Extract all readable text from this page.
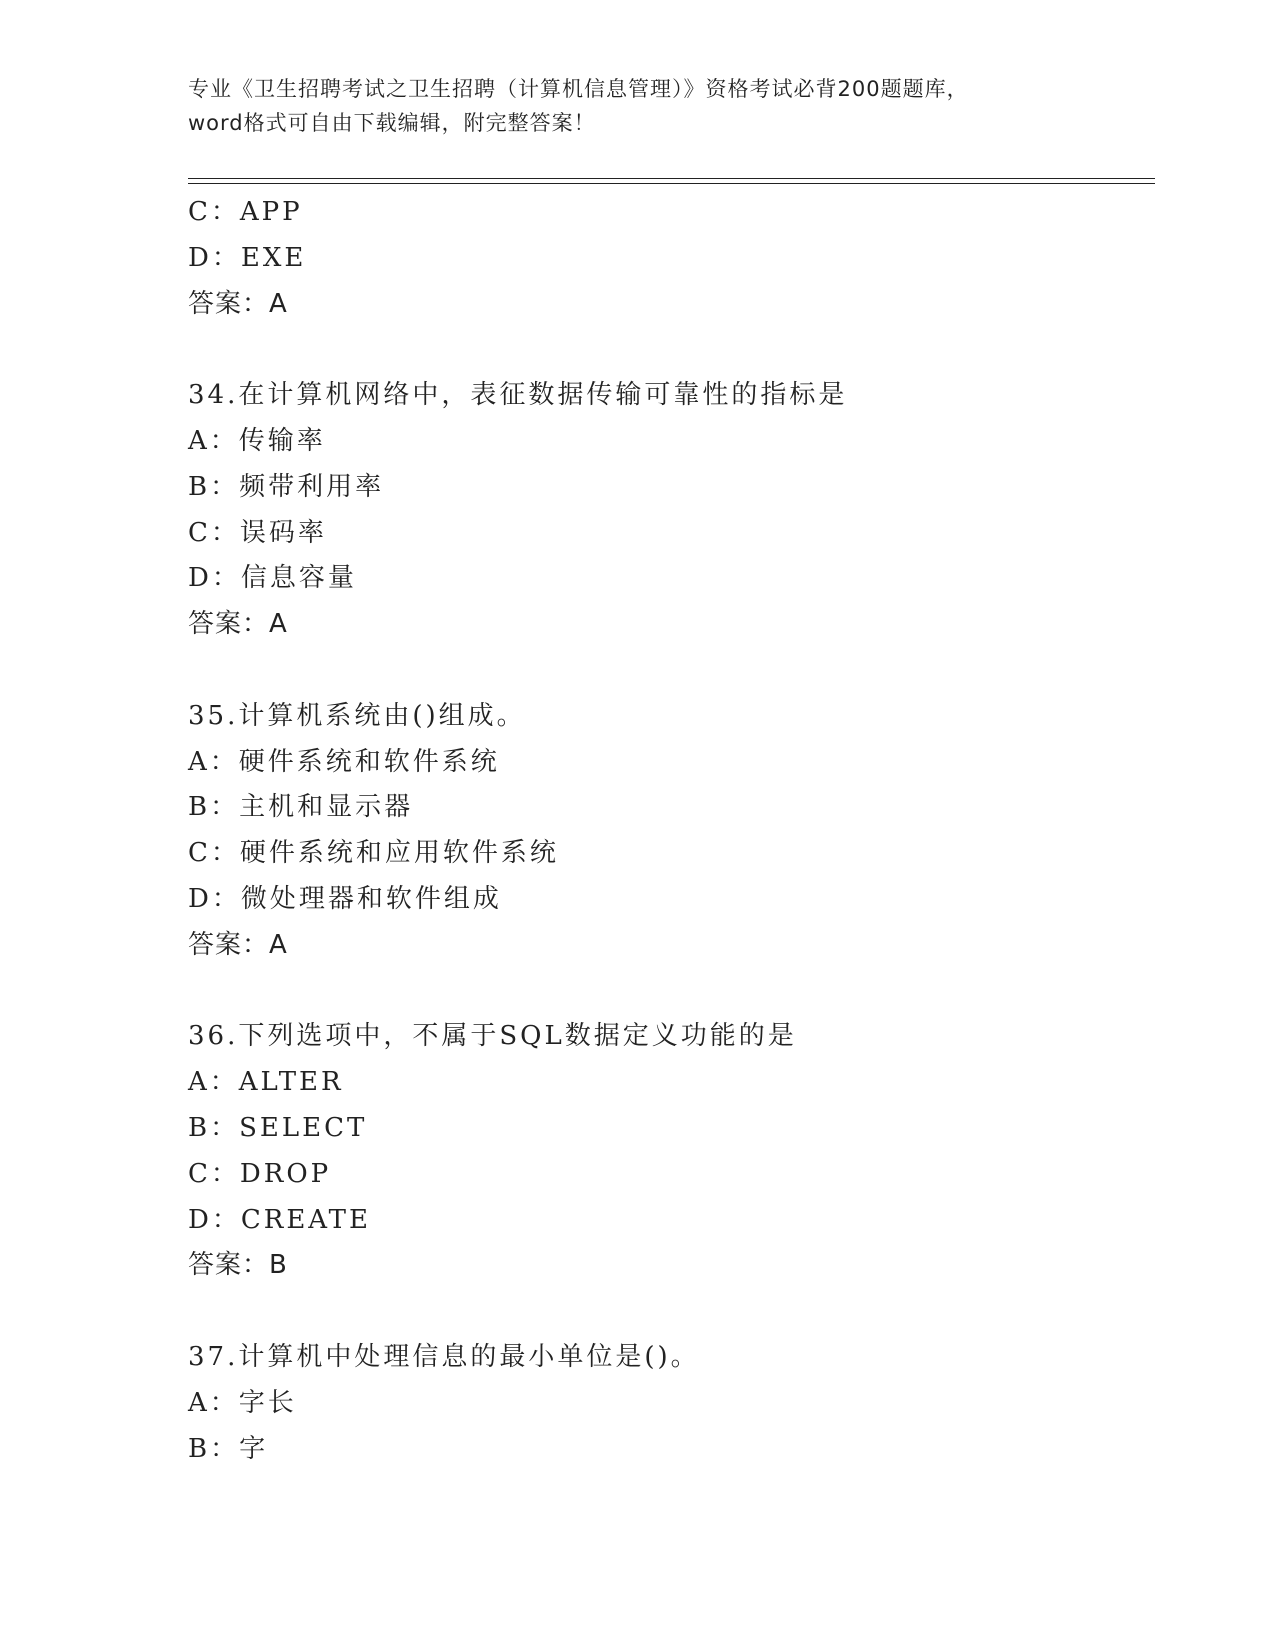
专业《卫生招聘考试之卫生招聘（计算机信息管理）》资格考试必背200题题库，
word格式可自由下载编辑，附完整答案！
C：APP
D：EXE
答案：A
34.在计算机网络中，表征数据传输可靠性的指标是
A：传输率
B：频带利用率
C：误码率
D：信息容量
答案：A
35.计算机系统由()组成。
A：硬件系统和软件系统
B：主机和显示器
C：硬件系统和应用软件系统
D：微处理器和软件组成
答案：A
36.下列选项中，不属于SQL数据定义功能的是
A：ALTER
B：SELECT
C：DROP
D：CREATE
答案：B
37.计算机中处理信息的最小单位是()。
A：字长
B：字
